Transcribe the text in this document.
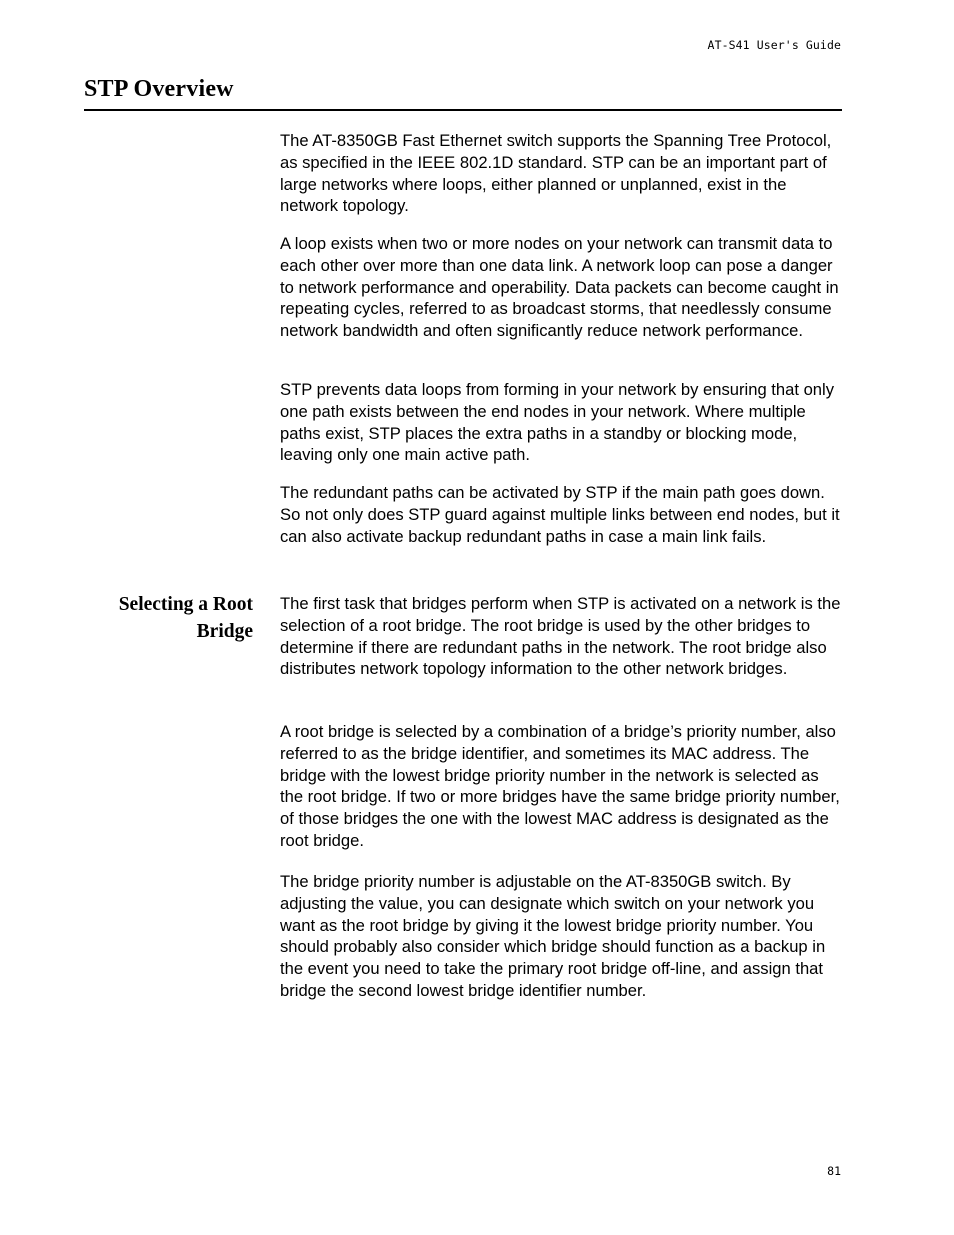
AT-S41 User's Guide
STP Overview

The AT-8350GB Fast Ethernet switch supports the Spanning Tree Protocol, as specified in the IEEE 802.1D standard. STP can be an important part of large networks where loops, either planned or unplanned, exist in the network topology.

A loop exists when two or more nodes on your network can transmit data to each other over more than one data link. A network loop can pose a danger to network performance and operability. Data packets can become caught in repeating cycles, referred to as broadcast storms, that needlessly consume network bandwidth and often significantly reduce network performance.

STP prevents data loops from forming in your network by ensuring that only one path exists between the end nodes in your network. Where multiple paths exist, STP places the extra paths in a standby or blocking mode, leaving only one main active path.

The redundant paths can be activated by STP if the main path goes down. So not only does STP guard against multiple links between end nodes, but it can also activate backup redundant paths in case a main link fails.

Selecting a Root Bridge

The first task that bridges perform when STP is activated on a network is the selection of a root bridge. The root bridge is used by the other bridges to determine if there are redundant paths in the network. The root bridge also distributes network topology information to the other network bridges.

A root bridge is selected by a combination of a bridge’s priority number, also referred to as the bridge identifier, and sometimes its MAC address. The bridge with the lowest bridge priority number in the network is selected as the root bridge. If two or more bridges have the same bridge priority number, of those bridges the one with the lowest MAC address is designated as the root bridge.

The bridge priority number is adjustable on the AT-8350GB switch. By adjusting the value, you can designate which switch on your network you want as the root bridge by giving it the lowest bridge priority number. You should probably also consider which bridge should function as a backup in the event you need to take the primary root bridge off-line, and assign that bridge the second lowest bridge identifier number.

81
